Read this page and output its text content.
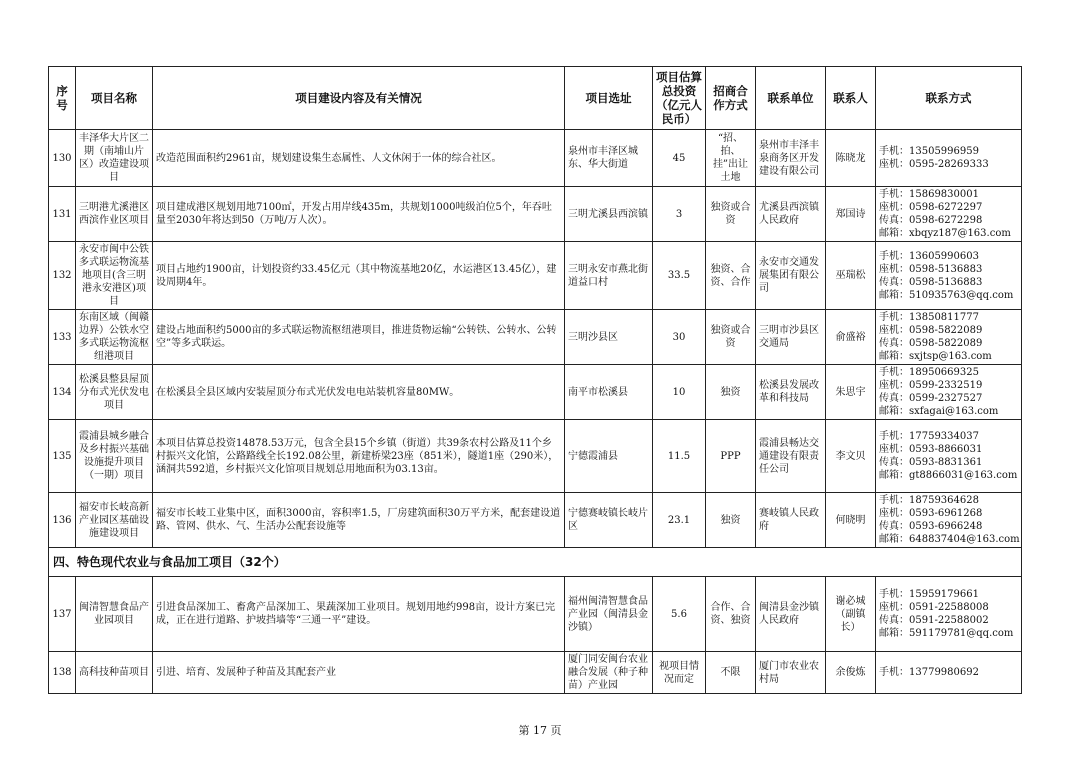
序号	项目名称	项目建设内容及有关情况	项目选址	项目估算总投资（亿元人民币）	招商合作方式	联系单位	联系人	联系方式
130	丰泽华大片区二期（南埔山片区）改造建设项目	改造范围面积约2961亩，规划建设集生态属性、人文休闲于一体的综合社区。	泉州市丰泽区城东、华大街道	45	“招、拍、挂”出让土地	泉州市丰泽丰泉商务区开发建设有限公司	陈晓龙	手机：13505996959
座机：0595-28269333

131	三明港尤溪港区西滨作业区项目	项目建成港区规划用地7100㎡，开发占用岸线435m，共规划1000吨级泊位5个，年吞吐量至2030年将达到50（万吨/万人次）。	三明尤溪县西滨镇	3	独资或合资	尤溪县西滨镇人民政府	郑国诗	手机：15869830001
座机：0598-6272297
传真：0598-6272298
邮箱：xbqyz187@163.com

132	永安市闽中公铁多式联运物流基地项目(含三明港永安港区)项目	项目占地约1900亩，计划投资约33.45亿元（其中物流基地20亿，水运港区13.45亿），建设周期4年。	三明永安市燕北街道益口村	33.5	独资、合资、合作	永安市交通发展集团有限公司	巫瑞松	手机：13605990603
座机：0598-5136883
传真：0598-5136883
邮箱：510935763@qq.com

133	东南区域（闽赣边界）公铁水空多式联运物流枢纽港项目	建设占地面积约5000亩的多式联运物流枢纽港项目，推进货物运输“公转铁、公转水、公转空”等多式联运。	三明沙县区	30	独资或合资	三明市沙县区交通局	俞盛裕	手机：13850811777
座机：0598-5822089
传真：0598-5822089
邮箱：sxjtsp@163.com

134	松溪县整县屋顶分布式光伏发电项目	在松溪县全县区域内安装屋顶分布式光伏发电电站装机容量80MW。	南平市松溪县	10	独资	松溪县发展改革和科技局	朱思宇	手机：18950669325
座机：0599-2332519
传真：0599-2327527
邮箱：sxfagai@163.com

135	霞浦县城乡融合及乡村振兴基础设施提升项目（一期）项目	本项目估算总投资14878.53万元，包含全县15个乡镇（街道）共39条农村公路及11个乡村振兴文化馆，公路路线全长192.08公里，新建桥梁23座（851米），隧道1座（290米），涵洞共592道，乡村振兴文化馆项目规划总用地面积为03.13亩。	宁德霞浦县	11.5	PPP	霞浦县畅达交通建设有限责任公司	李文贝	手机：17759334037
座机：0593-8866031
传真：0593-8831361
邮箱：gt8866031@163.com

136	福安市长岐高新产业园区基础设施建设项目	福安市长岐工业集中区，面积3000亩，容积率1.5，厂房建筑面积30万平方米，配套建设道路、管网、供水、气、生活办公配套设施等	宁德赛岐镇长岐片区	23.1	独资	赛岐镇人民政府	何晓明	手机：18759364628
座机：0593-6961268
传真：0593-6966248
邮箱：648837404@163.com

四、特色现代农业与食品加工项目（32个）								
137	闽清智慧食品产业园项目	引进食品深加工、畜禽产品深加工、果蔬深加工业项目。规划用地约998亩，设计方案已完成，正在进行道路、护坡挡墙等“三通一平”建设。	福州闽清智慧食品产业园（闽清县金沙镇）	5.6	合作、合资、独资	闽清县金沙镇人民政府	谢必城（副镇长）	手机：15959179661
座机：0591-22588008
传真：0591-22588002
邮箱：591179781@qq.com

138	高科技种苗项目	引进、培育、发展种子种苗及其配套产业	厦门同安闽台农业融合发展（种子种苗）产业园	视项目情况而定	不限	厦门市农业农村局	余俊炼	手机：13779980692
第 17 页
